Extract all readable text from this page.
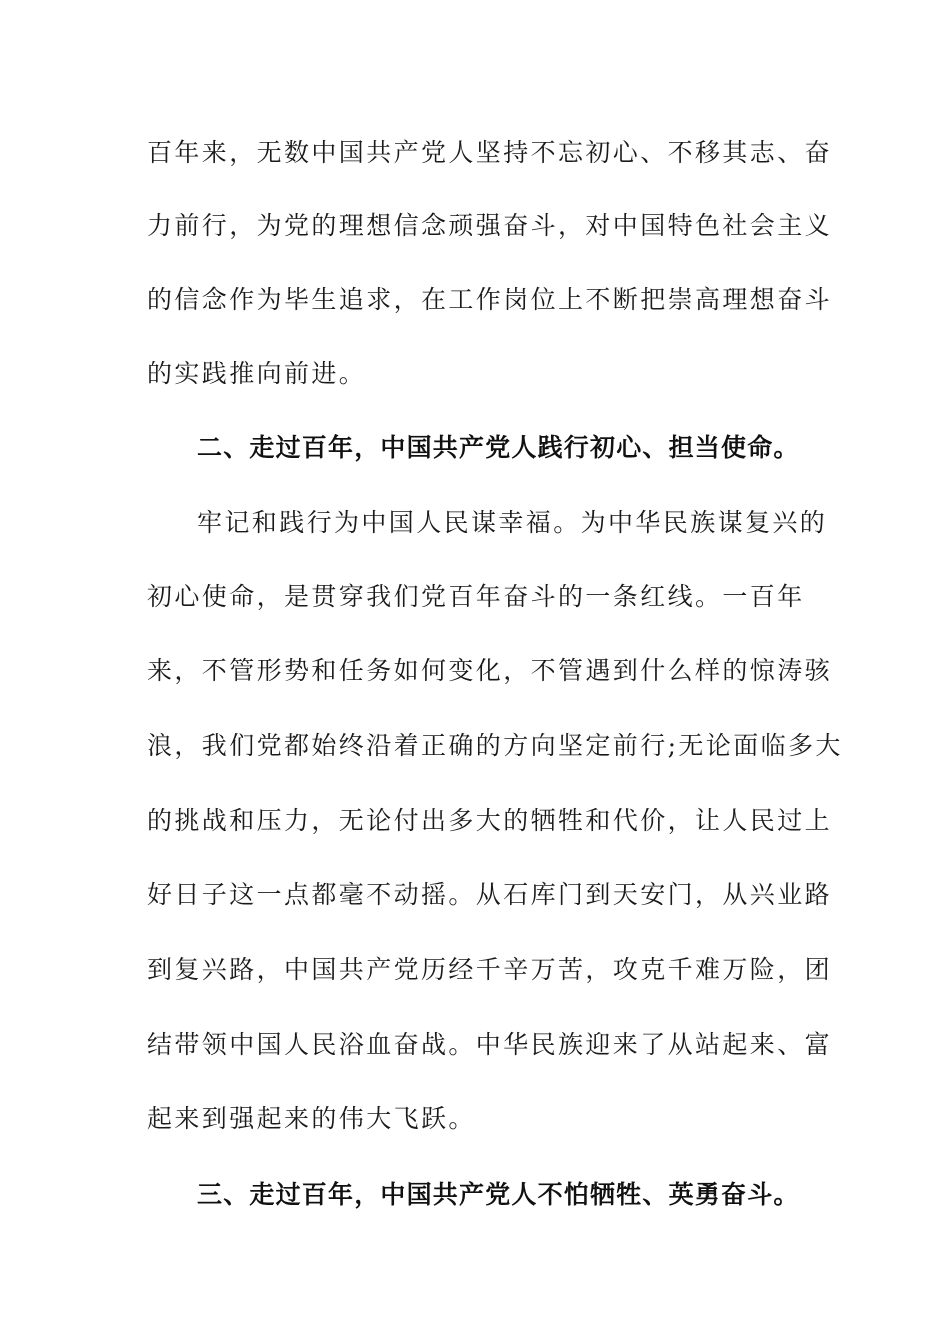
百年来，无数中国共产党人坚持不忘初心、不移其志、奋
力前行，为党的理想信念顽强奋斗，对中国特色社会主义
的信念作为毕生追求，在工作岗位上不断把崇高理想奋斗
的实践推向前进。
二、走过百年，中国共产党人践行初心、担当使命。
牢记和践行为中国人民谋幸福。为中华民族谋复兴的
初心使命，是贯穿我们党百年奋斗的一条红线。一百年
来，不管形势和任务如何变化，不管遇到什么样的惊涛骇
浪，我们党都始终沿着正确的方向坚定前行;无论面临多大
的挑战和压力，无论付出多大的牺牲和代价，让人民过上
好日子这一点都毫不动摇。从石库门到天安门，从兴业路
到复兴路，中国共产党历经千辛万苦，攻克千难万险，团
结带领中国人民浴血奋战。中华民族迎来了从站起来、富
起来到强起来的伟大飞跃。
三、走过百年，中国共产党人不怕牺牲、英勇奋斗。
